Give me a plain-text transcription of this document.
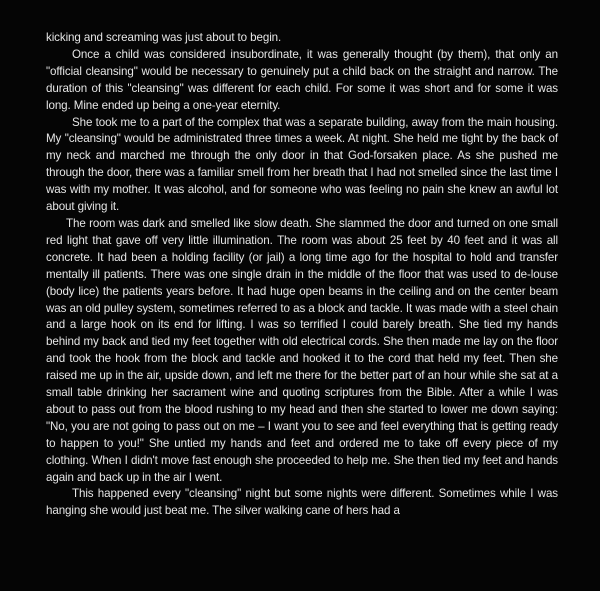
kicking and screaming was just about to begin.

Once a child was considered insubordinate, it was generally thought (by them), that only an "official cleansing" would be necessary to genuinely put a child back on the straight and narrow. The duration of this "cleansing" was different for each child. For some it was short and for some it was long. Mine ended up being a one-year eternity.

She took me to a part of the complex that was a separate building, away from the main housing. My "cleansing" would be administrated three times a week. At night. She held me tight by the back of my neck and marched me through the only door in that God-forsaken place. As she pushed me through the door, there was a familiar smell from her breath that I had not smelled since the last time I was with my mother. It was alcohol, and for someone who was feeling no pain she knew an awful lot about giving it.

The room was dark and smelled like slow death. She slammed the door and turned on one small red light that gave off very little illumination. The room was about 25 feet by 40 feet and it was all concrete. It had been a holding facility (or jail) a long time ago for the hospital to hold and transfer mentally ill patients. There was one single drain in the middle of the floor that was used to de-louse (body lice) the patients years before. It had huge open beams in the ceiling and on the center beam was an old pulley system, sometimes referred to as a block and tackle. It was made with a steel chain and a large hook on its end for lifting. I was so terrified I could barely breath. She tied my hands behind my back and tied my feet together with old electrical cords. She then made me lay on the floor and took the hook from the block and tackle and hooked it to the cord that held my feet. Then she raised me up in the air, upside down, and left me there for the better part of an hour while she sat at a small table drinking her sacrament wine and quoting scriptures from the Bible. After a while I was about to pass out from the blood rushing to my head and then she started to lower me down saying: "No, you are not going to pass out on me – I want you to see and feel everything that is getting ready to happen to you!" She untied my hands and feet and ordered me to take off every piece of my clothing. When I didn't move fast enough she proceeded to help me. She then tied my feet and hands again and back up in the air I went.

This happened every "cleansing" night but some nights were different. Sometimes while I was hanging she would just beat me. The silver walking cane of hers had a
